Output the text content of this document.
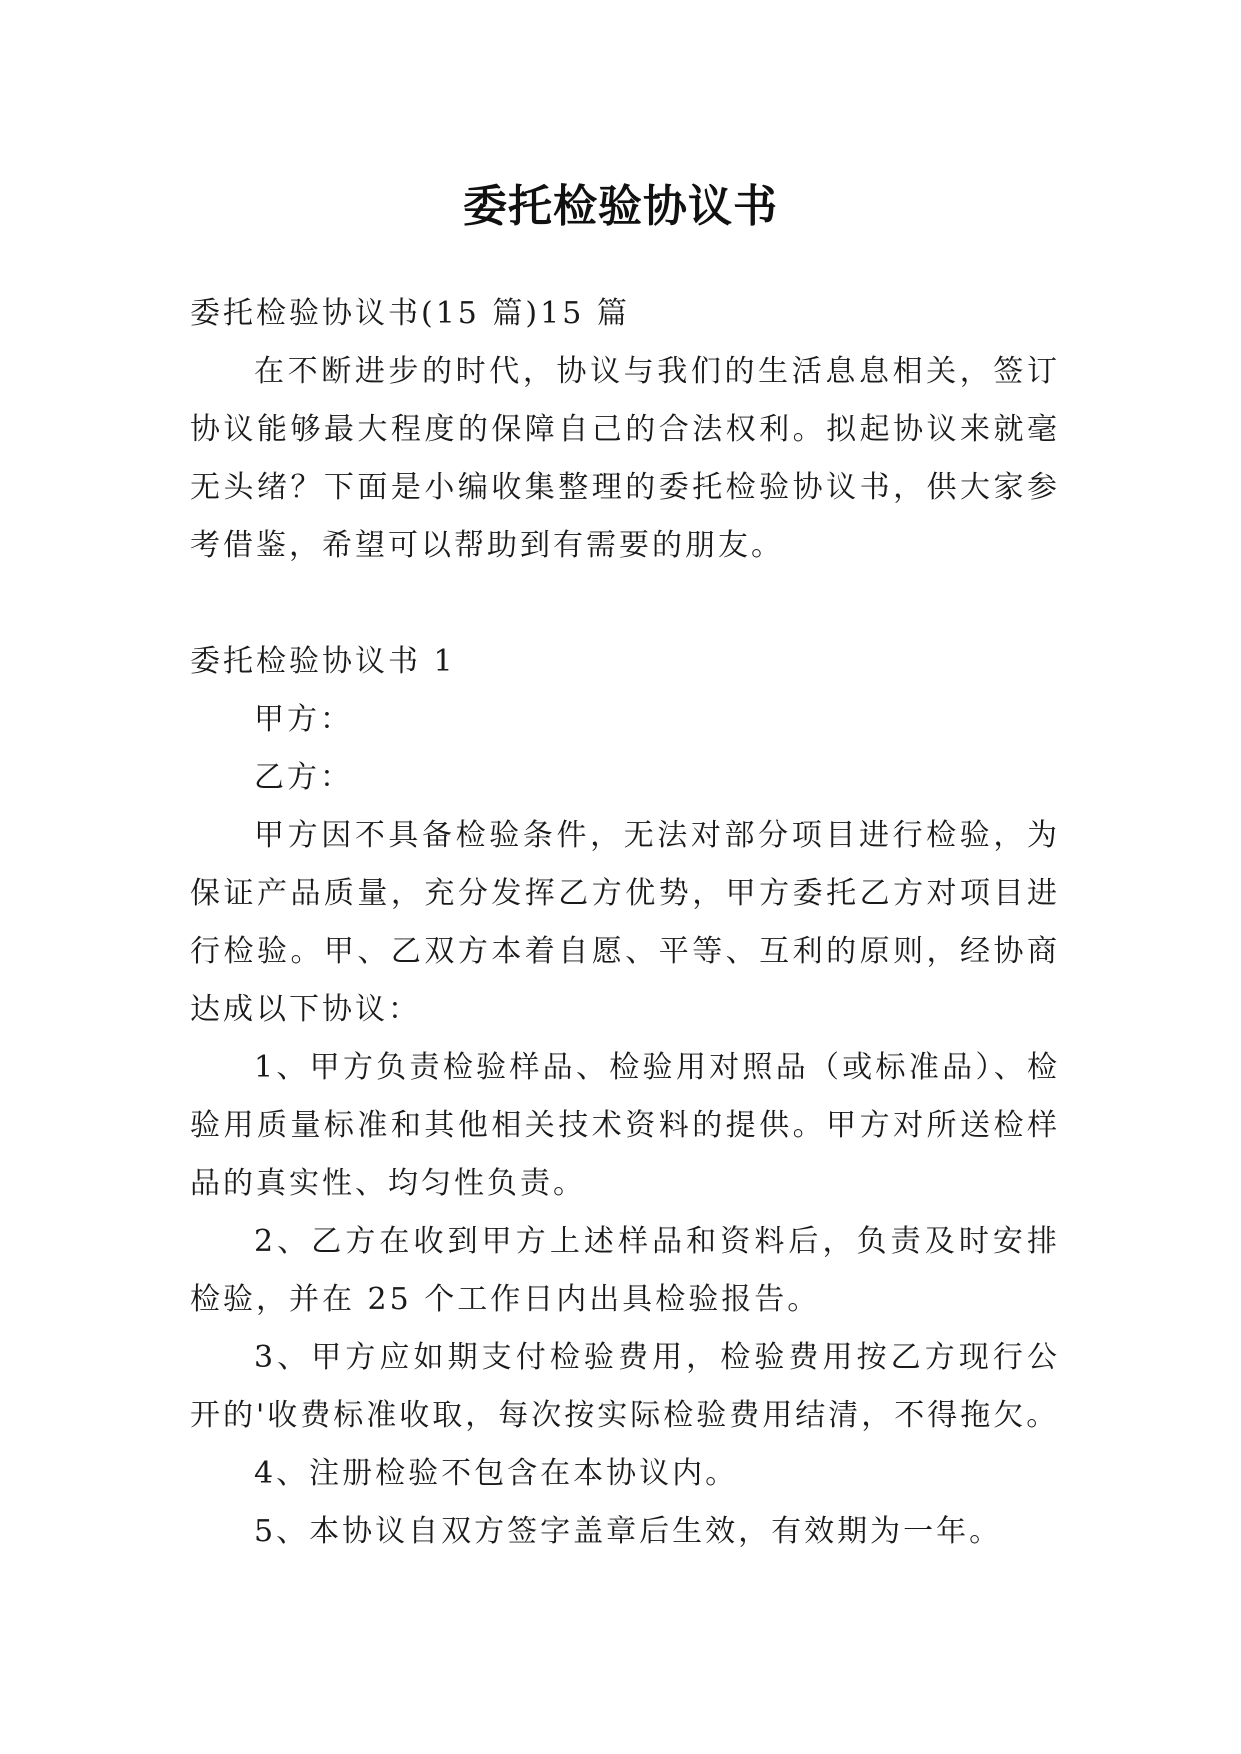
委托检验协议书

委托检验协议书(15 篇)15 篇

在不断进步的时代，协议与我们的生活息息相关，签订协议能够最大程度的保障自己的合法权利。拟起协议来就毫无头绪？下面是小编收集整理的委托检验协议书，供大家参考借鉴，希望可以帮助到有需要的朋友。

委托检验协议书 1

甲方：

乙方：

甲方因不具备检验条件，无法对部分项目进行检验，为保证产品质量，充分发挥乙方优势，甲方委托乙方对项目进行检验。甲、乙双方本着自愿、平等、互利的原则，经协商达成以下协议：

1、甲方负责检验样品、检验用对照品（或标准品）、检验用质量标准和其他相关技术资料的提供。甲方对所送检样品的真实性、均匀性负责。

2、乙方在收到甲方上述样品和资料后，负责及时安排检验，并在 25 个工作日内出具检验报告。

3、甲方应如期支付检验费用，检验费用按乙方现行公开的'收费标准收取，每次按实际检验费用结清，不得拖欠。

4、注册检验不包含在本协议内。

5、本协议自双方签字盖章后生效，有效期为一年。
